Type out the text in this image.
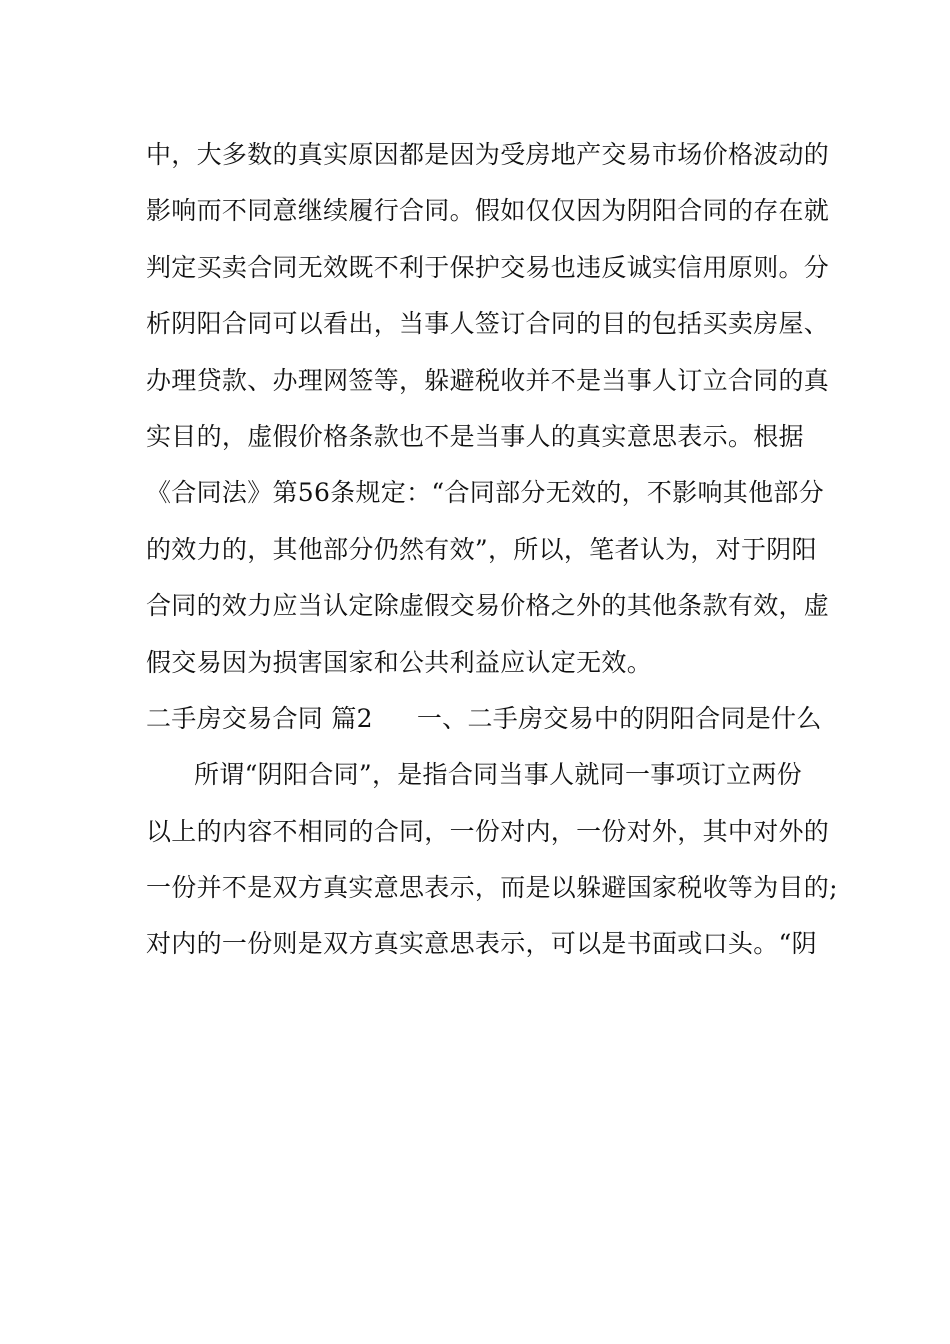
中，大多数的真实原因都是因为受房地产交易市场价格波动的
影响而不同意继续履行合同。假如仅仅因为阴阳合同的存在就
判定买卖合同无效既不利于保护交易也违反诚实信用原则。分
析阴阳合同可以看出，当事人签订合同的目的包括买卖房屋、
办理贷款、办理网签等，躲避税收并不是当事人订立合同的真
实目的，虚假价格条款也不是当事人的真实意思表示。根据
《合同法》第56条规定：“合同部分无效的，不影响其他部分
的效力的，其他部分仍然有效”，所以，笔者认为，对于阴阳
合同的效力应当认定除虚假交易价格之外的其他条款有效，虚
假交易因为损害国家和公共利益应认定无效。
二手房交易合同 篇2 一、二手房交易中的阴阳合同是什么
所谓“阴阳合同”，是指合同当事人就同一事项订立两份
以上的内容不相同的合同，一份对内，一份对外，其中对外的
一份并不是双方真实意思表示，而是以躲避国家税收等为目的;
对内的一份则是双方真实意思表示，可以是书面或口头。“阴
